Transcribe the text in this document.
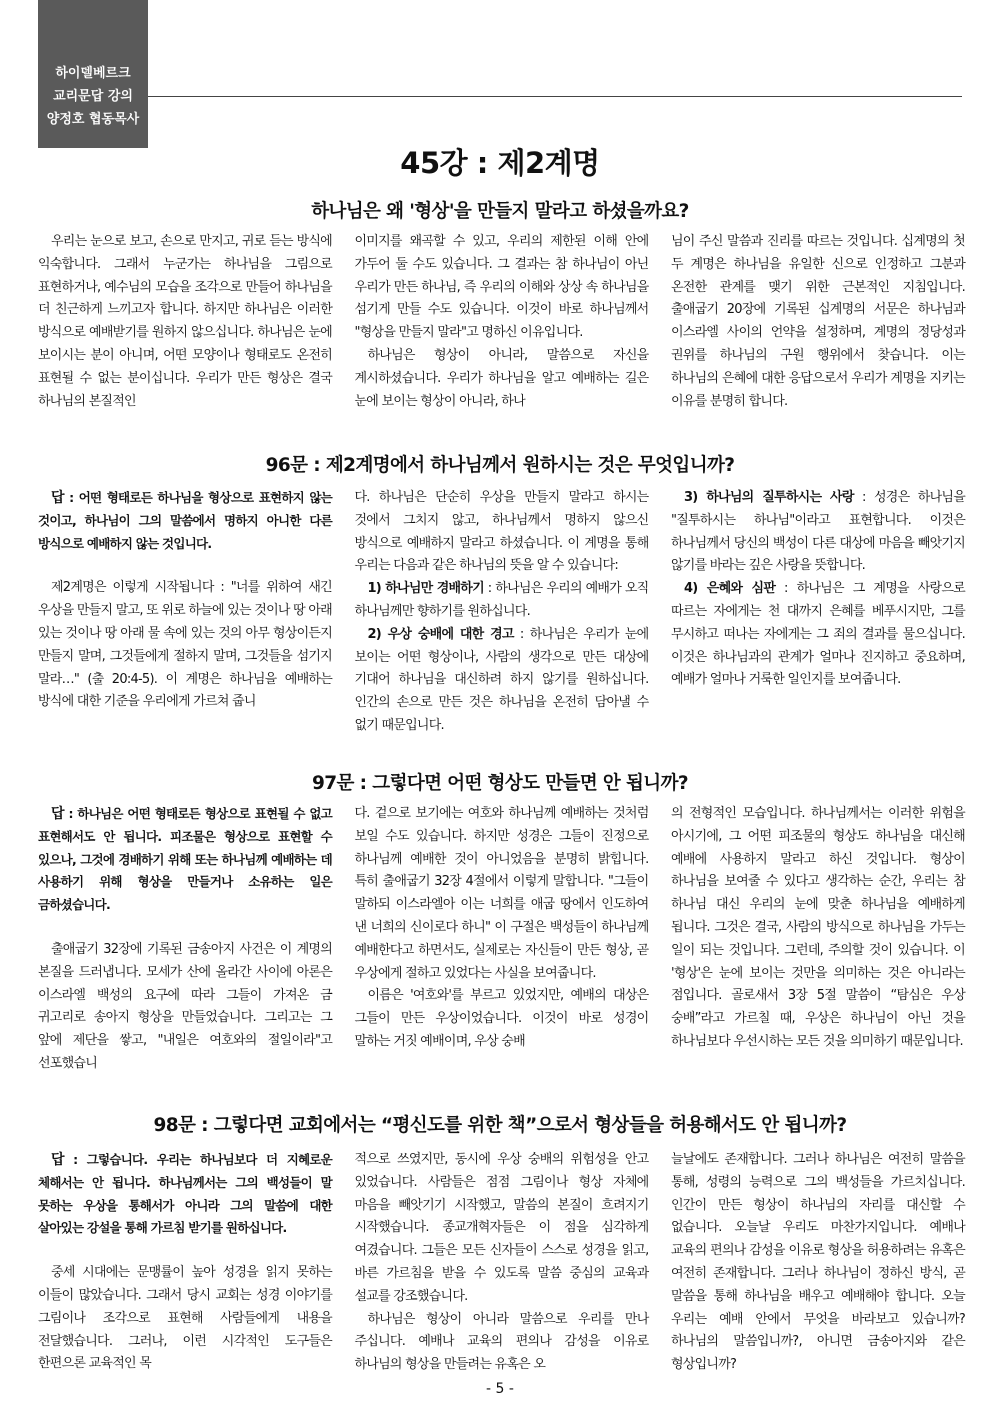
하이델베르크
교리문답 강의
양정호 협동목사
45강 : 제2계명
하나님은 왜 '형상'을 만들지 말라고 하셨을까요?

우리는 눈으로 보고, 손으로 만지고, 귀로 듣는 방식에 익숙합니다. 그래서 누군가는 하나님을 그림으로 표현하거나, 예수님의 모습을 조각으로 만들어 하나님을 더 친근하게 느끼고자 합니다. 하지만 하나님은 이러한 방식으로 예배받기를 원하지 않으십니다. 하나님은 눈에 보이시는 분이 아니며, 어떤 모양이나 형태로도 온전히 표현될 수 없는 분이십니다. 우리가 만든 형상은 결국 하나님의 본질적인

이미지를 왜곡할 수 있고, 우리의 제한된 이해 안에 가두어 둘 수도 있습니다. 그 결과는 참 하나님이 아닌 우리가 만든 하나님, 즉 우리의 이해와 상상 속 하나님을 섬기게 만들 수도 있습니다. 이것이 바로 하나님께서 "형상을 만들지 말라"고 명하신 이유입니다.

하나님은 형상이 아니라, 말씀으로 자신을 계시하셨습니다. 우리가 하나님을 알고 예배하는 길은 눈에 보이는 형상이 아니라, 하나

님이 주신 말씀과 진리를 따르는 것입니다. 십계명의 첫 두 계명은 하나님을 유일한 신으로 인정하고 그분과 온전한 관계를 맺기 위한 근본적인 지침입니다. 출애굽기 20장에 기록된 십계명의 서문은 하나님과 이스라엘 사이의 언약을 설정하며, 계명의 정당성과 권위를 하나님의 구원 행위에서 찾습니다. 이는 하나님의 은혜에 대한 응답으로서 우리가 계명을 지키는 이유를 분명히 합니다.

96문 : 제2계명에서 하나님께서 원하시는 것은 무엇입니까?

답 : 어떤 형태로든 하나님을 형상으로 표현하지 않는 것이고, 하나님이 그의 말씀에서 명하지 아니한 다른 방식으로 예배하지 않는 것입니다.

제2계명은 이렇게 시작됩니다 : "너를 위하여 새긴 우상을 만들지 말고, 또 위로 하늘에 있는 것이나 땅 아래 있는 것이나 땅 아래 물 속에 있는 것의 아무 형상이든지 만들지 말며, 그것들에게 절하지 말며, 그것들을 섬기지 말라…" (출 20:4-5). 이 계명은 하나님을 예배하는 방식에 대한 기준을 우리에게 가르쳐 줍니

다. 하나님은 단순히 우상을 만들지 말라고 하시는 것에서 그치지 않고, 하나님께서 명하지 않으신 방식으로 예배하지 말라고 하셨습니다. 이 계명을 통해 우리는 다음과 같은 하나님의 뜻을 알 수 있습니다:

1) 하나님만 경배하기 : 하나님은 우리의 예배가 오직 하나님께만 향하기를 원하십니다.

2) 우상 숭배에 대한 경고 : 하나님은 우리가 눈에 보이는 어떤 형상이나, 사람의 생각으로 만든 대상에 기대어 하나님을 대신하려 하지 않기를 원하십니다. 인간의 손으로 만든 것은 하나님을 온전히 담아낼 수 없기 때문입니다.

3) 하나님의 질투하시는 사랑 : 성경은 하나님을 "질투하시는 하나님"이라고 표현합니다. 이것은 하나님께서 당신의 백성이 다른 대상에 마음을 빼앗기지 않기를 바라는 깊은 사랑을 뜻합니다.

4) 은혜와 심판 : 하나님은 그 계명을 사랑으로 따르는 자에게는 천 대까지 은혜를 베푸시지만, 그를 무시하고 떠나는 자에게는 그 죄의 결과를 물으십니다. 이것은 하나님과의 관계가 얼마나 진지하고 중요하며, 예배가 얼마나 거룩한 일인지를 보여줍니다.

97문 : 그렇다면 어떤 형상도 만들면 안 됩니까?

답 : 하나님은 어떤 형태로든 형상으로 표현될 수 없고 표현해서도 안 됩니다. 피조물은 형상으로 표현할 수 있으나, 그것에 경배하기 위해 또는 하나님께 예배하는 데 사용하기 위해 형상을 만들거나 소유하는 일은 금하셨습니다.

출애굽기 32장에 기록된 금송아지 사건은 이 계명의 본질을 드러냅니다. 모세가 산에 올라간 사이에 아론은 이스라엘 백성의 요구에 따라 그들이 가져온 금 귀고리로 송아지 형상을 만들었습니다. 그리고는 그 앞에 제단을 쌓고, "내일은 여호와의 절일이라"고 선포했습니

다. 겉으로 보기에는 여호와 하나님께 예배하는 것처럼 보일 수도 있습니다. 하지만 성경은 그들이 진정으로 하나님께 예배한 것이 아니었음을 분명히 밝힙니다. 특히 출애굽기 32장 4절에서 이렇게 말합니다. "그들이 말하되 이스라엘아 이는 너희를 애굽 땅에서 인도하여 낸 너희의 신이로다 하니" 이 구절은 백성들이 하나님께 예배한다고 하면서도, 실제로는 자신들이 만든 형상, 곧 우상에게 절하고 있었다는 사실을 보여줍니다.

이름은 '여호와'를 부르고 있었지만, 예배의 대상은 그들이 만든 우상이었습니다. 이것이 바로 성경이 말하는 거짓 예배이며, 우상 숭배

의 전형적인 모습입니다. 하나님께서는 이러한 위험을 아시기에, 그 어떤 피조물의 형상도 하나님을 대신해 예배에 사용하지 말라고 하신 것입니다. 형상이 하나님을 보여줄 수 있다고 생각하는 순간, 우리는 참 하나님 대신 우리의 눈에 맞춘 하나님을 예배하게 됩니다. 그것은 결국, 사람의 방식으로 하나님을 가두는 일이 되는 것입니다. 그런데, 주의할 것이 있습니다. 이 '형상'은 눈에 보이는 것만을 의미하는 것은 아니라는 점입니다. 골로새서 3장 5절 말씀이 “탐심은 우상 숭배”라고 가르칠 때, 우상은 하나님이 아닌 것을 하나님보다 우선시하는 모든 것을 의미하기 때문입니다.

98문 : 그렇다면 교회에서는 “평신도를 위한 책”으로서 형상들을 허용해서도 안 됩니까?

답 : 그렇습니다. 우리는 하나님보다 더 지혜로운 체해서는 안 됩니다. 하나님께서는 그의 백성들이 말 못하는 우상을 통해서가 아니라 그의 말씀에 대한 살아있는 강설을 통해 가르침 받기를 원하십니다.

중세 시대에는 문맹률이 높아 성경을 읽지 못하는 이들이 많았습니다. 그래서 당시 교회는 성경 이야기를 그림이나 조각으로 표현해 사람들에게 내용을 전달했습니다. 그러나, 이런 시각적인 도구들은 한편으론 교육적인 목

적으로 쓰였지만, 동시에 우상 숭배의 위험성을 안고 있었습니다. 사람들은 점점 그림이나 형상 자체에 마음을 빼앗기기 시작했고, 말씀의 본질이 흐려지기 시작했습니다. 종교개혁자들은 이 점을 심각하게 여겼습니다. 그들은 모든 신자들이 스스로 성경을 읽고, 바른 가르침을 받을 수 있도록 말씀 중심의 교육과 설교를 강조했습니다.

하나님은 형상이 아니라 말씀으로 우리를 만나 주십니다. 예배나 교육의 편의나 감성을 이유로 하나님의 형상을 만들려는 유혹은 오

늘날에도 존재합니다. 그러나 하나님은 여전히 말씀을 통해, 성령의 능력으로 그의 백성들을 가르치십니다. 인간이 만든 형상이 하나님의 자리를 대신할 수 없습니다. 오늘날 우리도 마찬가지입니다. 예배나 교육의 편의나 감성을 이유로 형상을 허용하려는 유혹은 여전히 존재합니다. 그러나 하나님이 정하신 방식, 곧 말씀을 통해 하나님을 배우고 예배해야 합니다. 오늘 우리는 예배 안에서 무엇을 바라보고 있습니까? 하나님의 말씀입니까?, 아니면 금송아지와 같은 형상입니까?

- 5 -
